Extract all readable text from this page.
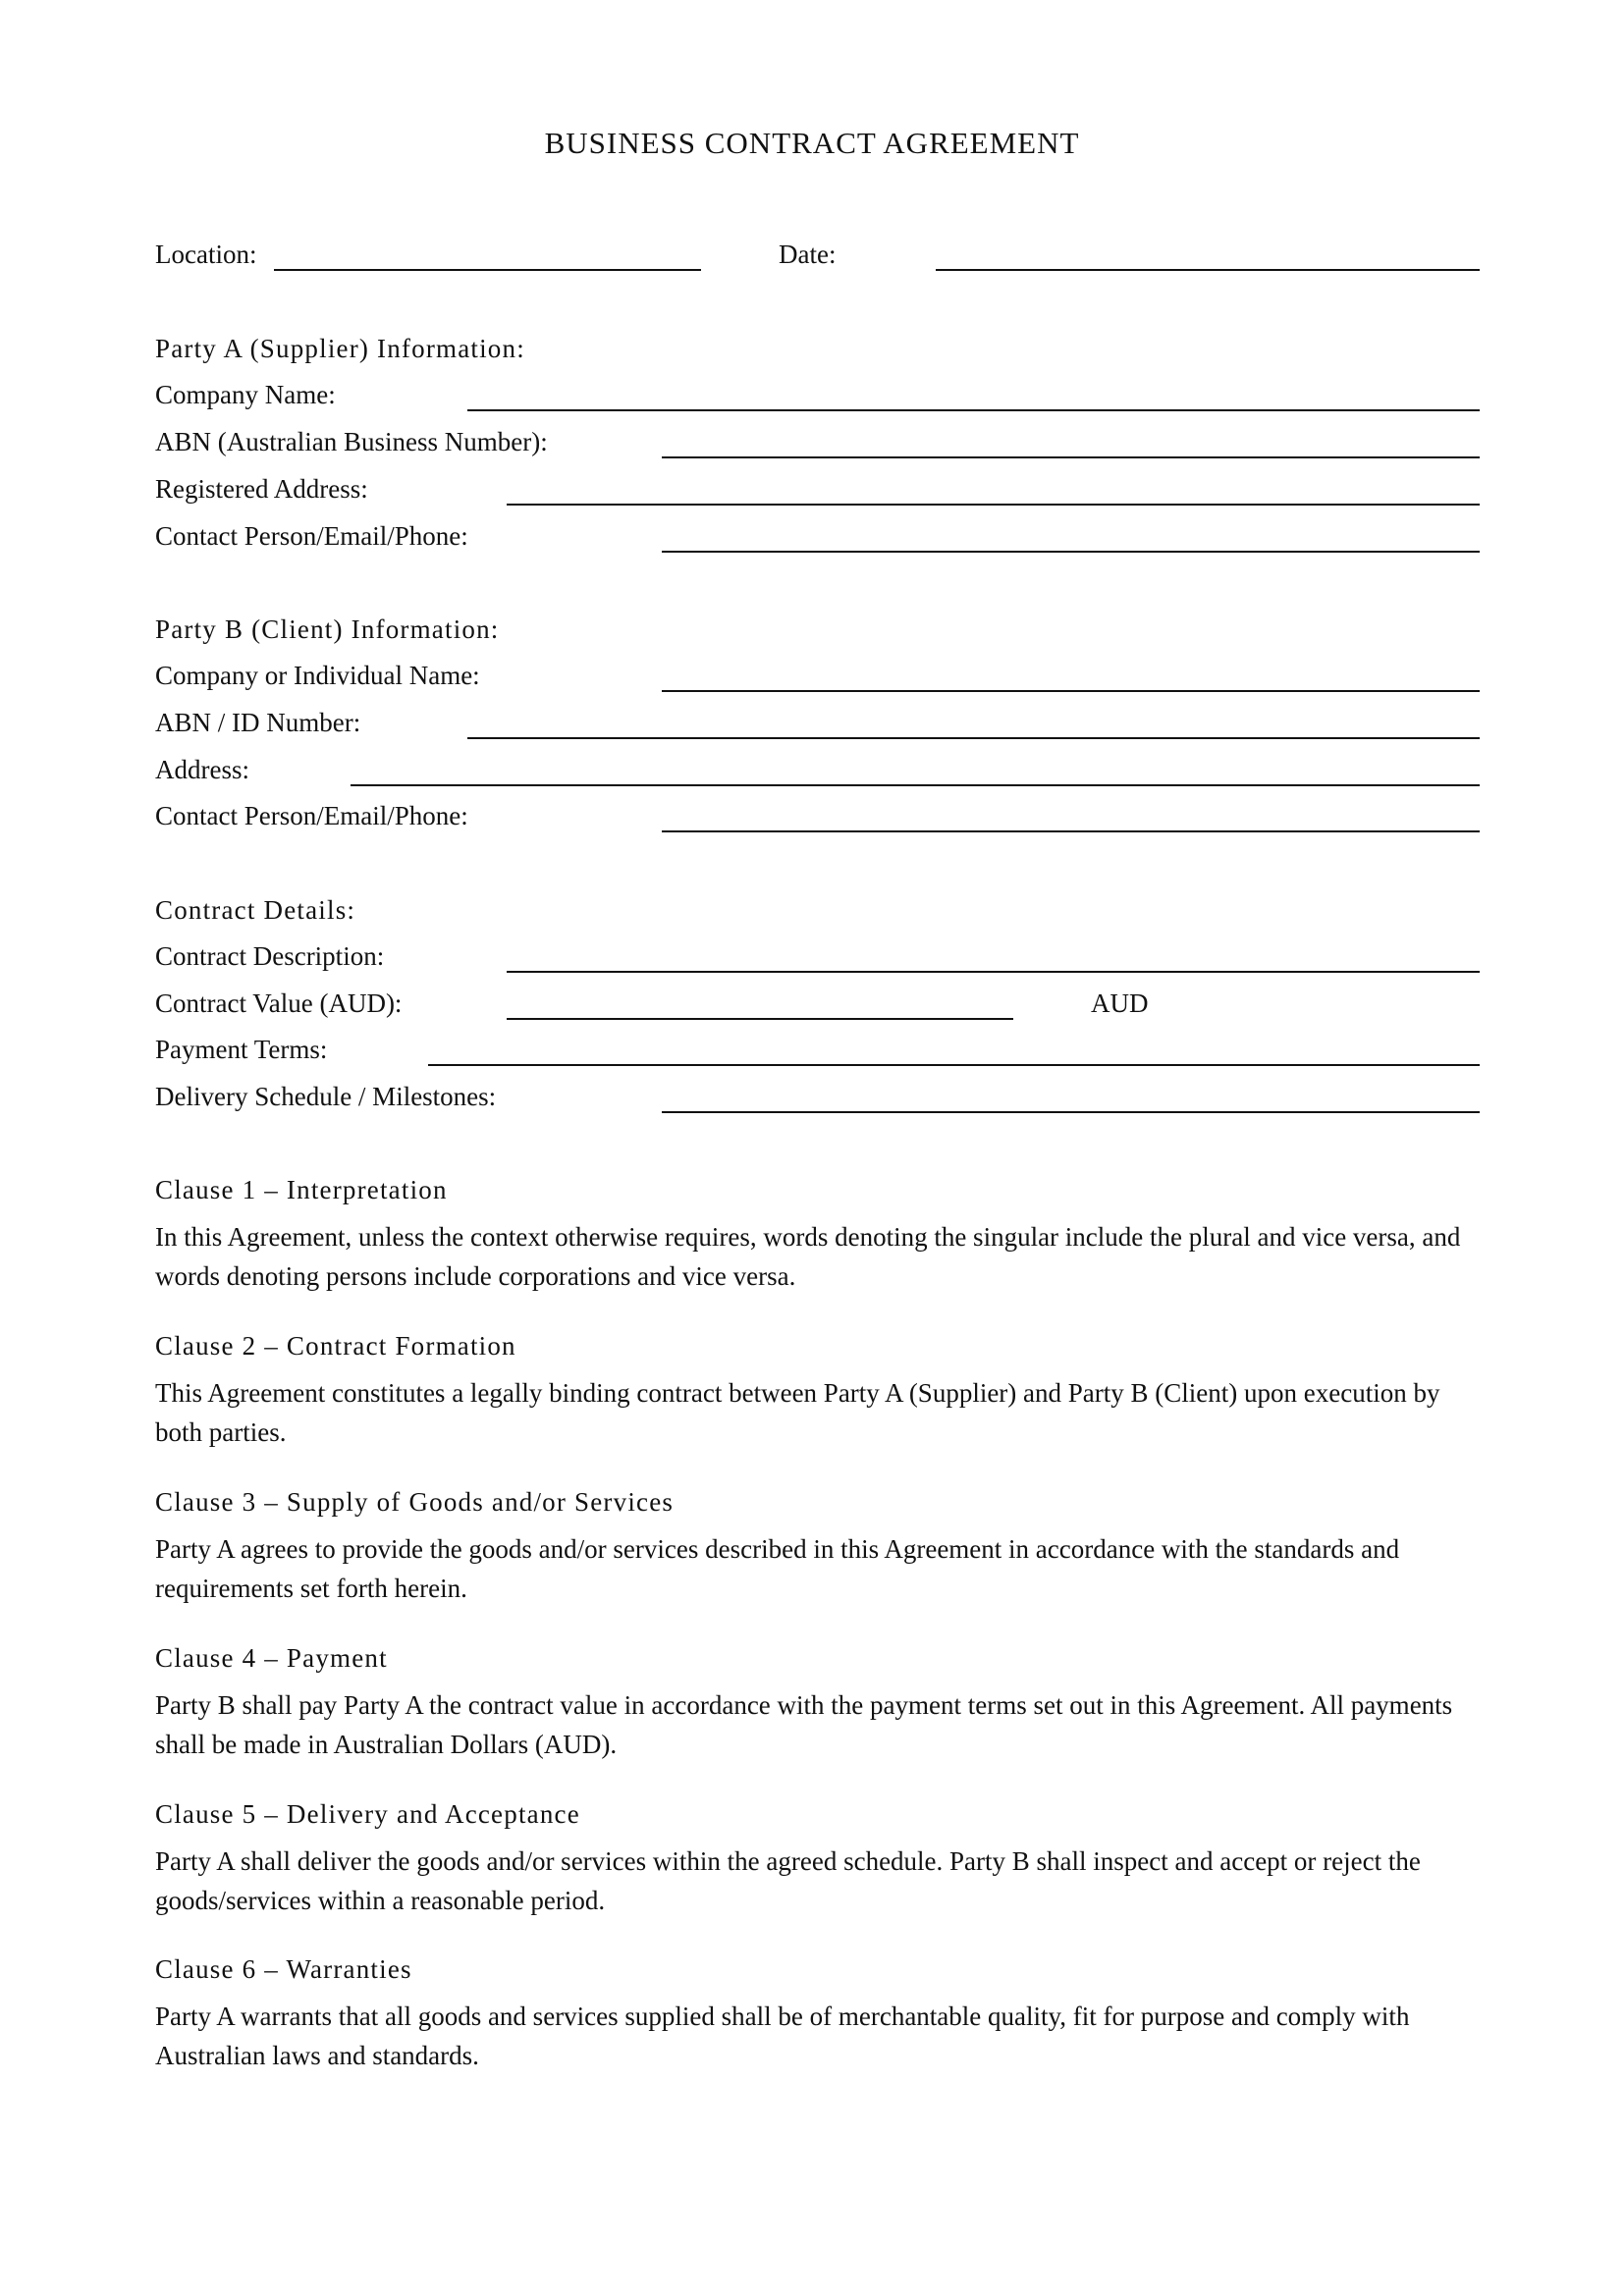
BUSINESS CONTRACT AGREEMENT
Location:	Date:
Party A (Supplier) Information:
Company Name:
ABN (Australian Business Number):
Registered Address:
Contact Person/Email/Phone:
Party B (Client) Information:
Company or Individual Name:
ABN / ID Number:
Address:
Contact Person/Email/Phone:
Contract Details:
Contract Description:
Contract Value (AUD):	AUD
Payment Terms:
Delivery Schedule / Milestones:
Clause 1 – Interpretation
In this Agreement, unless the context otherwise requires, words denoting the singular include the plural and vice versa, and words denoting persons include corporations and vice versa.
Clause 2 – Contract Formation
This Agreement constitutes a legally binding contract between Party A (Supplier) and Party B (Client) upon execution by both parties.
Clause 3 – Supply of Goods and/or Services
Party A agrees to provide the goods and/or services described in this Agreement in accordance with the standards and requirements set forth herein.
Clause 4 – Payment
Party B shall pay Party A the contract value in accordance with the payment terms set out in this Agreement. All payments shall be made in Australian Dollars (AUD).
Clause 5 – Delivery and Acceptance
Party A shall deliver the goods and/or services within the agreed schedule. Party B shall inspect and accept or reject the goods/services within a reasonable period.
Clause 6 – Warranties
Party A warrants that all goods and services supplied shall be of merchantable quality, fit for purpose and comply with Australian laws and standards.
